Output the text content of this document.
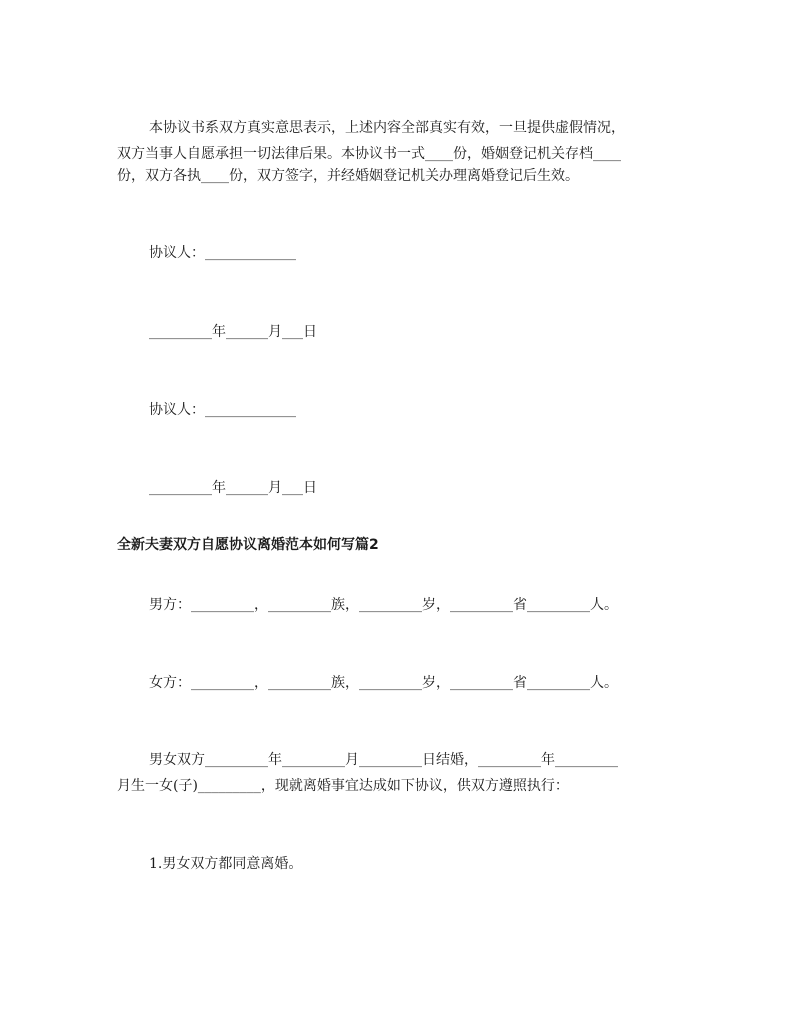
本协议书系双方真实意思表示，上述内容全部真实有效，一旦提供虚假情况，
双方当事人自愿承担一切法律后果。本协议书一式____份，婚姻登记机关存档____
份，双方各执____份，双方签字，并经婚姻登记机关办理离婚登记后生效。
协议人：_____________
_________年______月___日
协议人：_____________
_________年______月___日
全新夫妻双方自愿协议离婚范本如何写篇2
男方：_________，_________族，_________岁，_________省_________人。
女方：_________，_________族，_________岁，_________省_________人。
男女双方_________年_________月_________日结婚，_________年_________
月生一女(子)_________，现就离婚事宜达成如下协议，供双方遵照执行：
1.男女双方都同意离婚。
